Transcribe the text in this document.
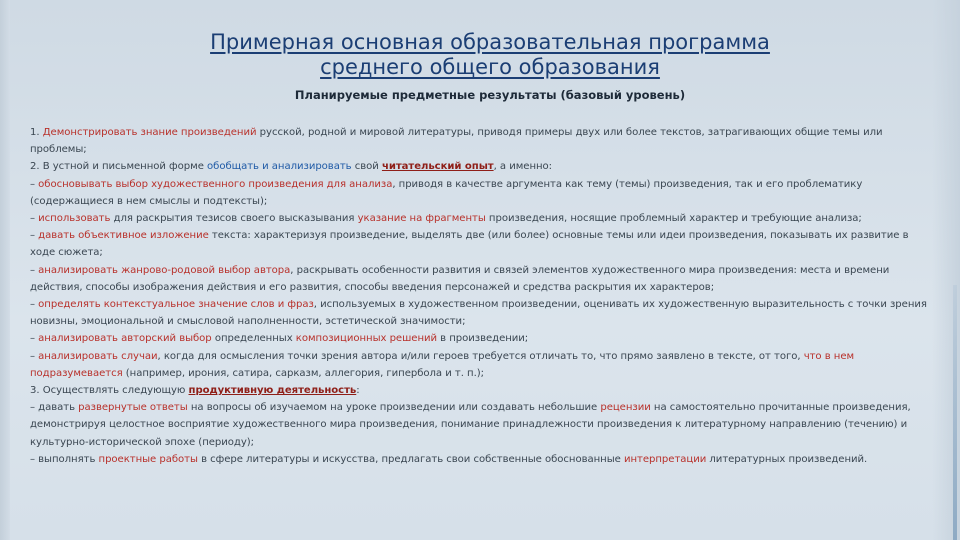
Примерная основная образовательная программа
среднего общего образования
Планируемые предметные результаты (базовый уровень)

1. Демонстрировать знание произведений русской, родной и мировой литературы, приводя примеры двух или более текстов, затрагивающих общие темы или проблемы;

2. В устной и письменной форме обобщать и анализировать свой читательский опыт, а именно:

– обосновывать выбор художественного произведения для анализа, приводя в качестве аргумента как тему (темы) произведения, так и его проблематику (содержащиеся в нем смыслы и подтексты);

– использовать для раскрытия тезисов своего высказывания указание на фрагменты произведения, носящие проблемный характер и требующие анализа;

– давать объективное изложение текста: характеризуя произведение, выделять две (или более) основные темы или идеи произведения, показывать их развитие в ходе сюжета;

– анализировать жанрово-родовой выбор автора, раскрывать особенности развития и связей элементов художественного мира произведения: места и времени действия, способы изображения действия и его развития, способы введения персонажей и средства раскрытия их характеров;

– определять контекстуальное значение слов и фраз, используемых в художественном произведении, оценивать их художественную выразительность с точки зрения новизны, эмоциональной и смысловой наполненности, эстетической значимости;

– анализировать авторский выбор определенных композиционных решений в произведении;

– анализировать случаи, когда для осмысления точки зрения автора и/или героев требуется отличать то, что прямо заявлено в тексте, от того, что в нем подразумевается (например, ирония, сатира, сарказм, аллегория, гипербола и т. п.);

3. Осуществлять следующую продуктивную деятельность:

– давать развернутые ответы на вопросы об изучаемом на уроке произведении или создавать небольшие рецензии на самостоятельно прочитанные произведения, демонстрируя целостное восприятие художественного мира произведения, понимание принадлежности произведения к литературному направлению (течению) и культурно-исторической эпохе (периоду);

– выполнять проектные работы в сфере литературы и искусства, предлагать свои собственные обоснованные интерпретации литературных произведений.
